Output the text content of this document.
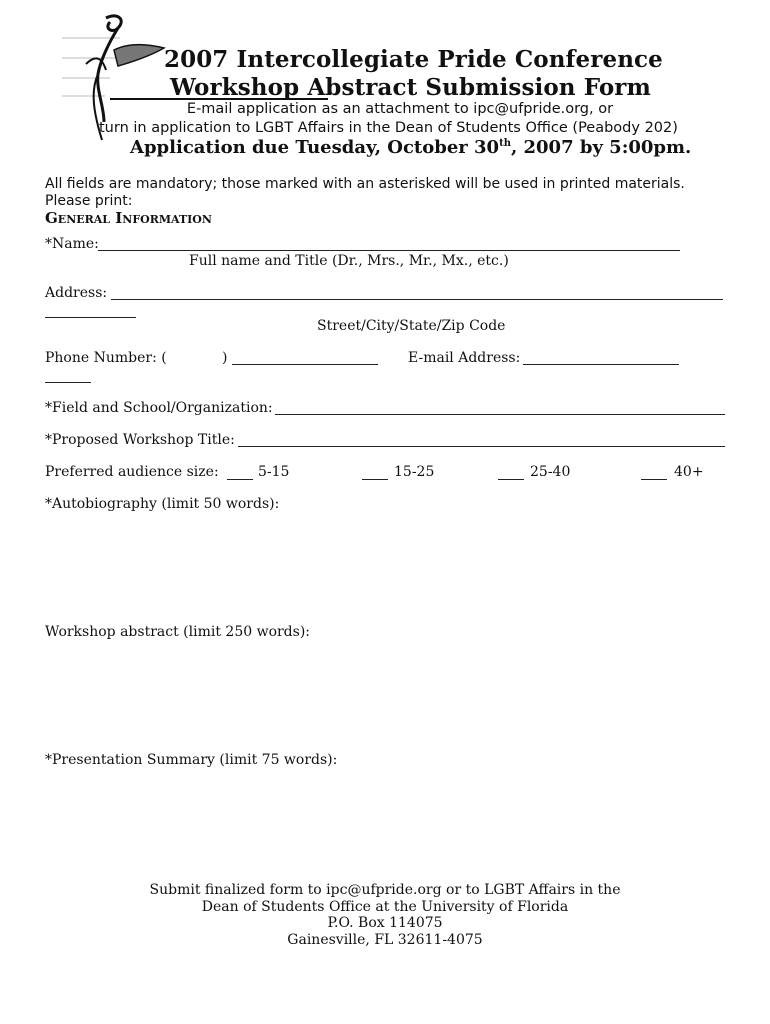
2007 Intercollegiate Pride Conference
Workshop Abstract Submission Form
E-mail application as an attachment to ipc@ufpride.org, or
turn in application to LGBT Affairs in the Dean of Students Office (Peabody 202)
Application due Tuesday, October 30th, 2007 by 5:00pm.
All fields are mandatory; those marked with an asterisked will be used in printed materials.
Please print:
General Information
*Name:
Full name and Title (Dr., Mrs., Mr., Mx., etc.)
Address:
Street/City/State/Zip Code
Phone Number: (	)	E-mail Address:
*Field and School/Organization:
*Proposed Workshop Title:
Preferred audience size:	5-15	15-25	25-40	40+
*Autobiography (limit 50 words):
Workshop abstract (limit 250 words):
*Presentation Summary (limit 75 words):
Submit finalized form to ipc@ufpride.org or to LGBT Affairs in the
Dean of Students Office at the University of Florida
P.O. Box 114075
Gainesville, FL 32611-4075
